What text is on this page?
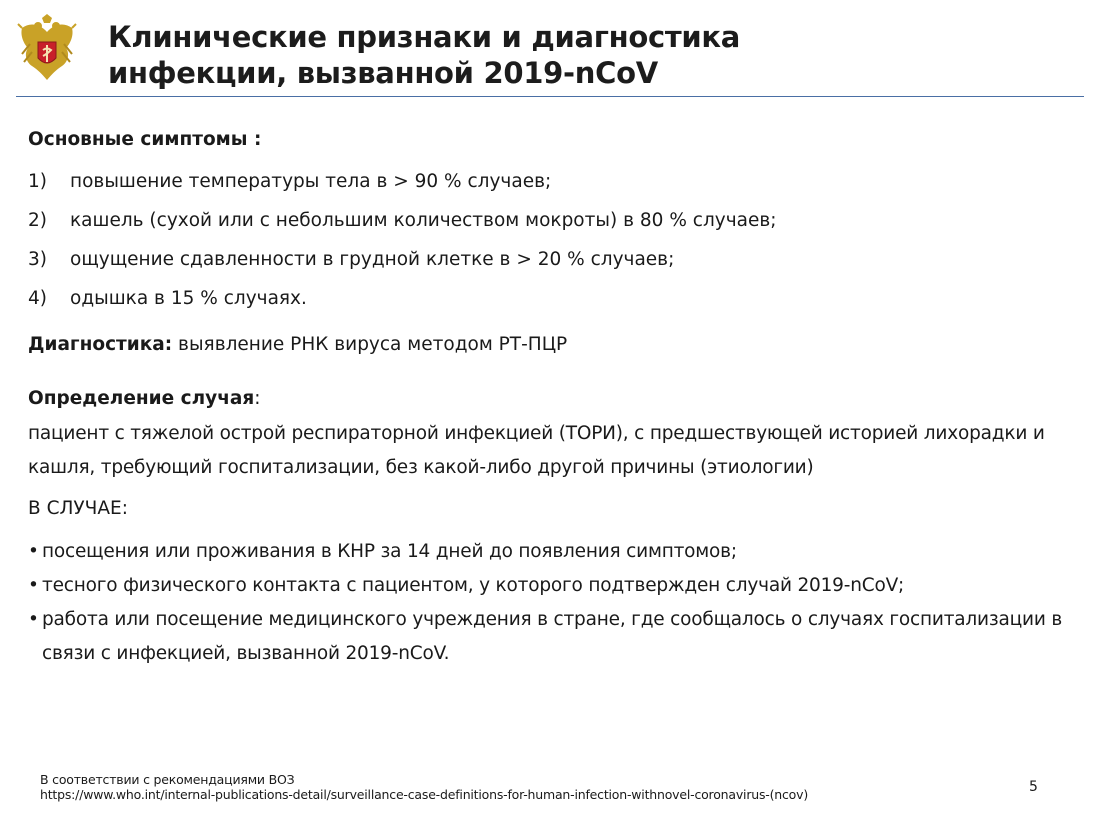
Клинические признаки и диагностика
инфекции, вызванной 2019-nCoV
Основные симптомы :
1)	повышение температуры тела в > 90 % случаев;
2)	кашель (сухой или с небольшим количеством мокроты) в 80 % случаев;
3)	ощущение сдавленности в грудной клетке в > 20 % случаев;
4)	одышка в 15 % случаях.
Диагностика: выявление РНК вируса методом РТ-ПЦР
Определение случая:
пациент с тяжелой острой респираторной инфекцией (ТОРИ), с предшествующей историей лихорадки и кашля, требующий госпитализации, без какой-либо другой причины (этиологии)
В СЛУЧАЕ:
• посещения или проживания в КНР за 14 дней до появления симптомов;
• тесного физического контакта с пациентом, у которого подтвержден случай 2019-nCoV;
• работа или посещение медицинского учреждения в стране, где сообщалось о случаях госпитализации в связи с инфекцией, вызванной 2019-nCoV.
В соответствии с рекомендациями ВОЗ
https://www.who.int/internal-publications-detail/surveillance-case-definitions-for-human-infection-withnovel-coronavirus-(ncov)	5
